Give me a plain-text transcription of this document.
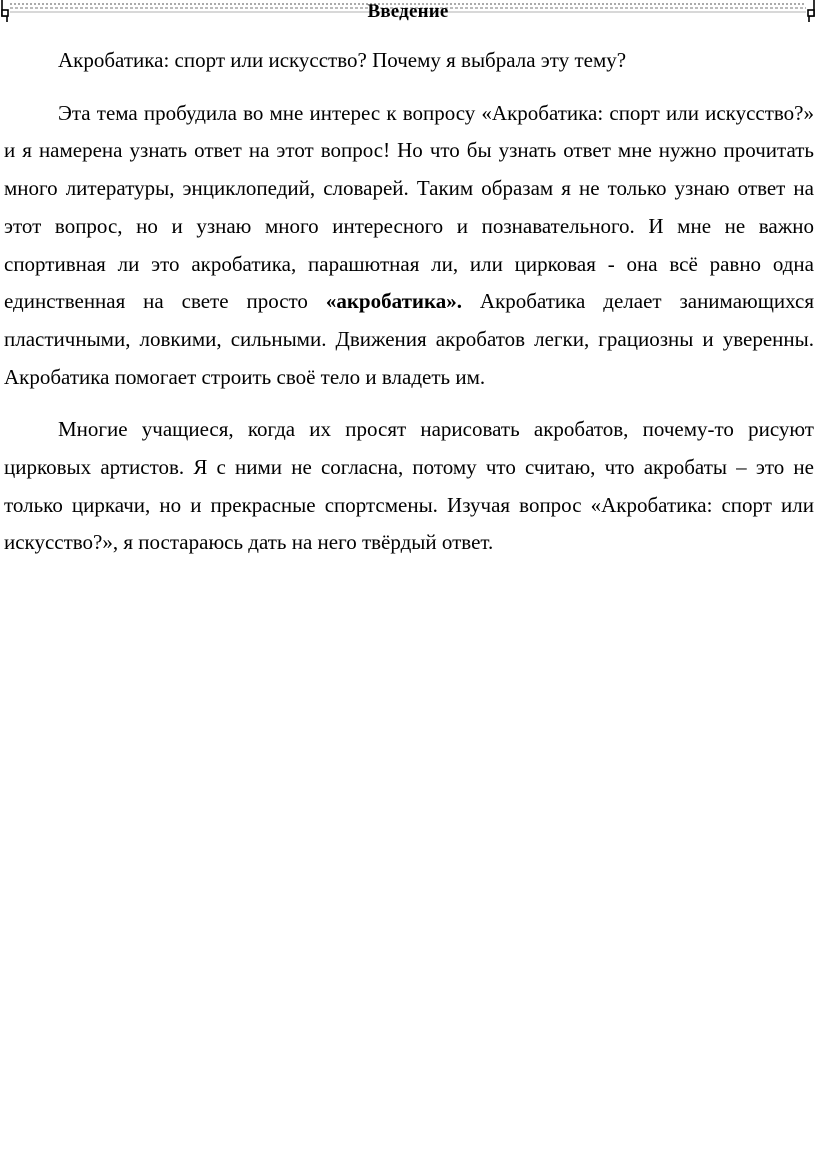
Введение

Акробатика: спорт или искусство? Почему я выбрала эту тему?

Эта тема пробудила во мне интерес к вопросу «Акробатика: спорт или искусство?» и я намерена узнать ответ на этот вопрос! Но что бы узнать ответ мне нужно прочитать много литературы, энциклопедий, словарей. Таким образам я не только узнаю ответ на этот вопрос, но и узнаю много интересного и познавательного. И мне не важно спортивная ли это акробатика, парашютная ли, или цирковая - она всё равно одна единственная на свете просто «акробатика». Акробатика делает занимающихся пластичными, ловкими, сильными. Движения акробатов легки, грациозны и уверенны. Акробатика помогает строить своё тело и владеть им.

Многие учащиеся, когда их просят нарисовать акробатов, почему-то рисуют цирковых артистов. Я с ними не согласна, потому что считаю, что акробаты – это не только циркачи, но и прекрасные спортсмены. Изучая вопрос «Акробатика: спорт или искусство?», я постараюсь дать на него твёрдый ответ.
